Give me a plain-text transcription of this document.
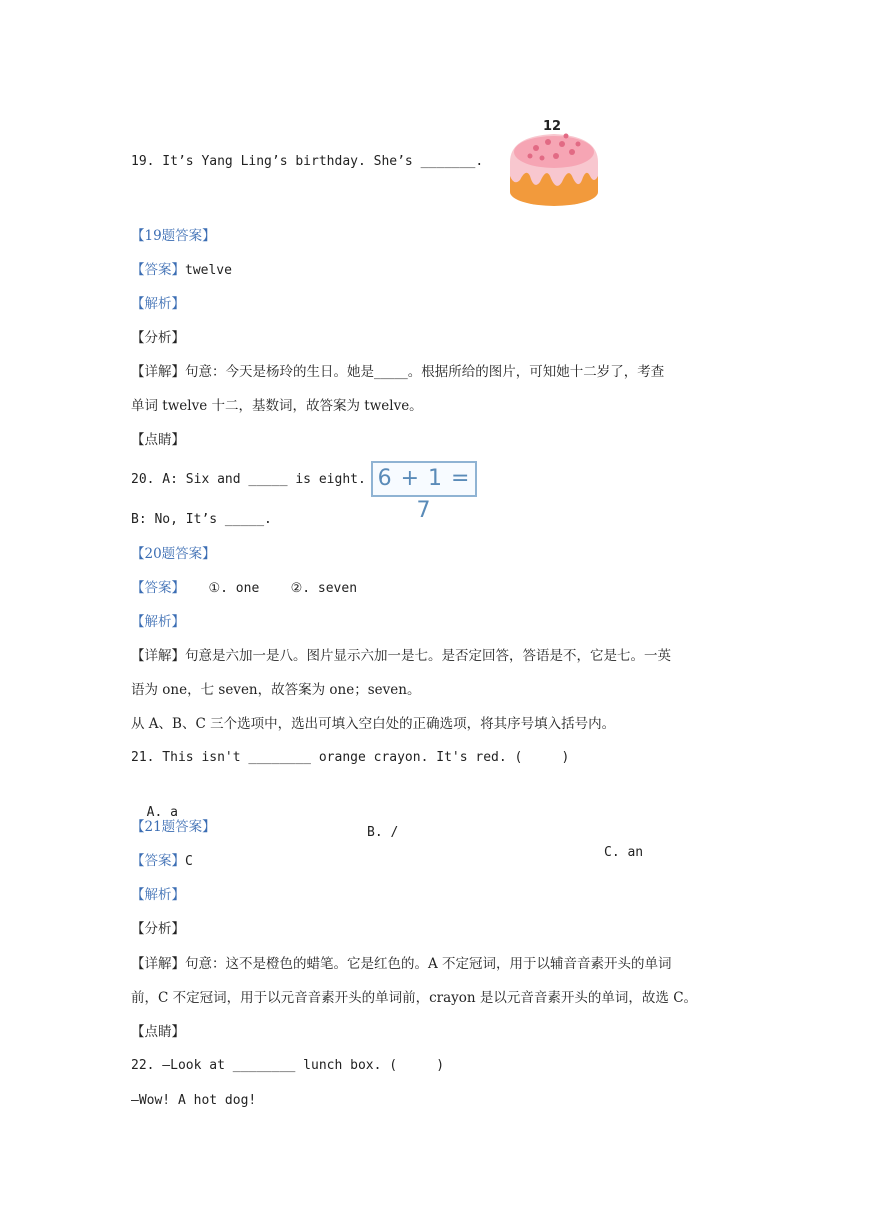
19. It’s Yang Ling’s birthday. She’s _______.
12
【19题答案】
【答案】twelve
【解析】
【分析】
【详解】句意：今天是杨玲的生日。她是_____。根据所给的图片，可知她十二岁了，考查
单词 twelve 十二，基数词，故答案为 twelve。
【点睛】
20. A: Six and _____ is eight. 6 + 1 = 7
B: No, It’s _____.
【20题答案】
【答案】   ①. one    ②. seven
【解析】
【详解】句意是六加一是八。图片显示六加一是七。是否定回答，答语是不，它是七。一英
语为 one，七 seven，故答案为 one；seven。
从 A、B、C 三个选项中，选出可填入空白处的正确选项，将其序号填入括号内。
21. This isn't ________ orange crayon. It's red. (     )

A. a

B. /

C. an

【21题答案】
【答案】C
【解析】
【分析】
【详解】句意：这不是橙色的蜡笔。它是红色的。A 不定冠词，用于以辅音音素开头的单词
前，C 不定冠词，用于以元音音素开头的单词前，crayon 是以元音音素开头的单词，故选 C。
【点睛】
22. —Look at ________ lunch box. (     )
—Wow! A hot dog!
